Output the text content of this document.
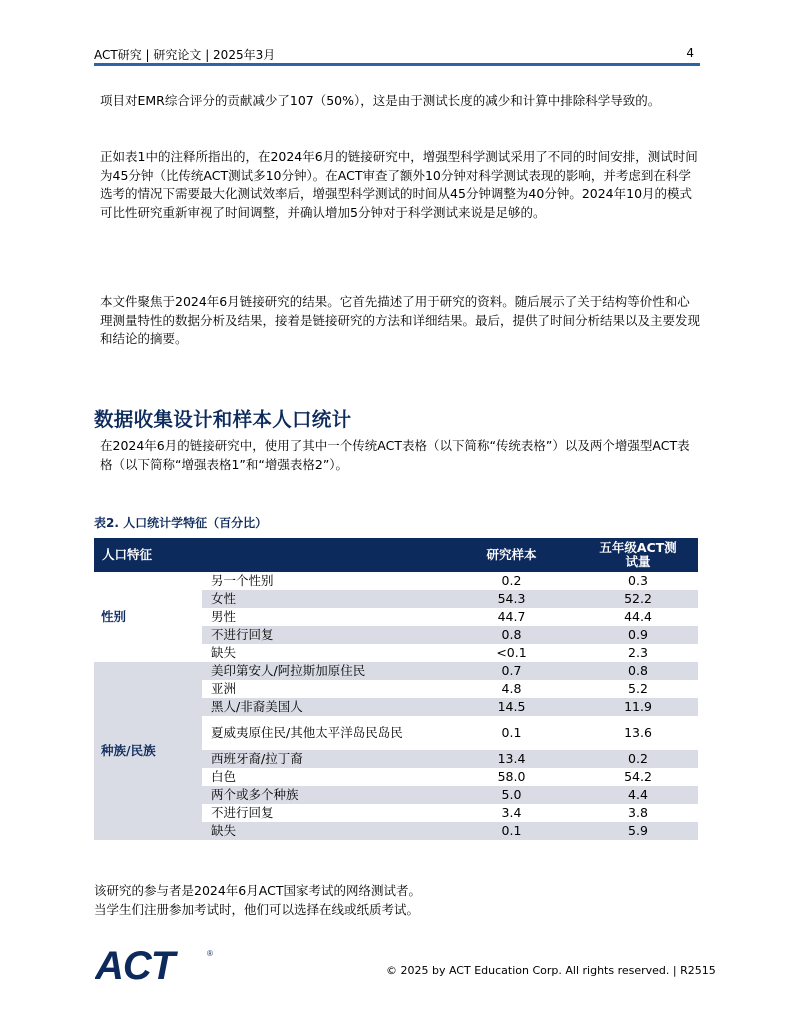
ACT研究 | 研究论文 | 2025年3月	4

项目对EMR综合评分的贡献减少了107（50%），这是由于测试长度的减少和计算中排除科学导致的。

正如表1中的注释所指出的，在2024年6月的链接研究中，增强型科学测试采用了不同的时间安排，测试时间为45分钟（比传统ACT测试多10分钟）。在ACT审查了额外10分钟对科学测试表现的影响，并考虑到在科学选考的情况下需要最大化测试效率后，增强型科学测试的时间从45分钟调整为40分钟。2024年10月的模式可比性研究重新审视了时间调整，并确认增加5分钟对于科学测试来说是足够的。

本文件聚焦于2024年6月链接研究的结果。它首先描述了用于研究的资料。随后展示了关于结构等价性和心理测量特性的数据分析及结果，接着是链接研究的方法和详细结果。最后，提供了时间分析结果以及主要发现和结论的摘要。

数据收集设计和样本人口统计

在2024年6月的链接研究中，使用了其中一个传统ACT表格（以下简称“传统表格”）以及两个增强型ACT表格（以下简称“增强表格1”和“增强表格2”）。

表2. 人口统计学特征（百分比）

人口特征		研究样本	五年级ACT测试量
性别	另一个性别	0.2	0.3
	女性	54.3	52.2
	男性	44.7	44.4
	不进行回复	0.8	0.9
	缺失	<0.1	2.3
种族/民族	美印第安人/阿拉斯加原住民	0.7	0.8
	亚洲	4.8	5.2
	黑人/非裔美国人	14.5	11.9
	夏威夷原住民/其他太平洋岛民岛民	0.1	13.6
	西班牙裔/拉丁裔	13.4	0.2
	白色	58.0	54.2
	两个或多个种族	5.0	4.4
	不进行回复	3.4	3.8
	缺失	0.1	5.9

该研究的参与者是2024年6月ACT国家考试的网络测试者。

当学生们注册参加考试时，他们可以选择在线或纸质考试。

ACT	®
© 2025 by ACT Education Corp. All rights reserved. | R2515
